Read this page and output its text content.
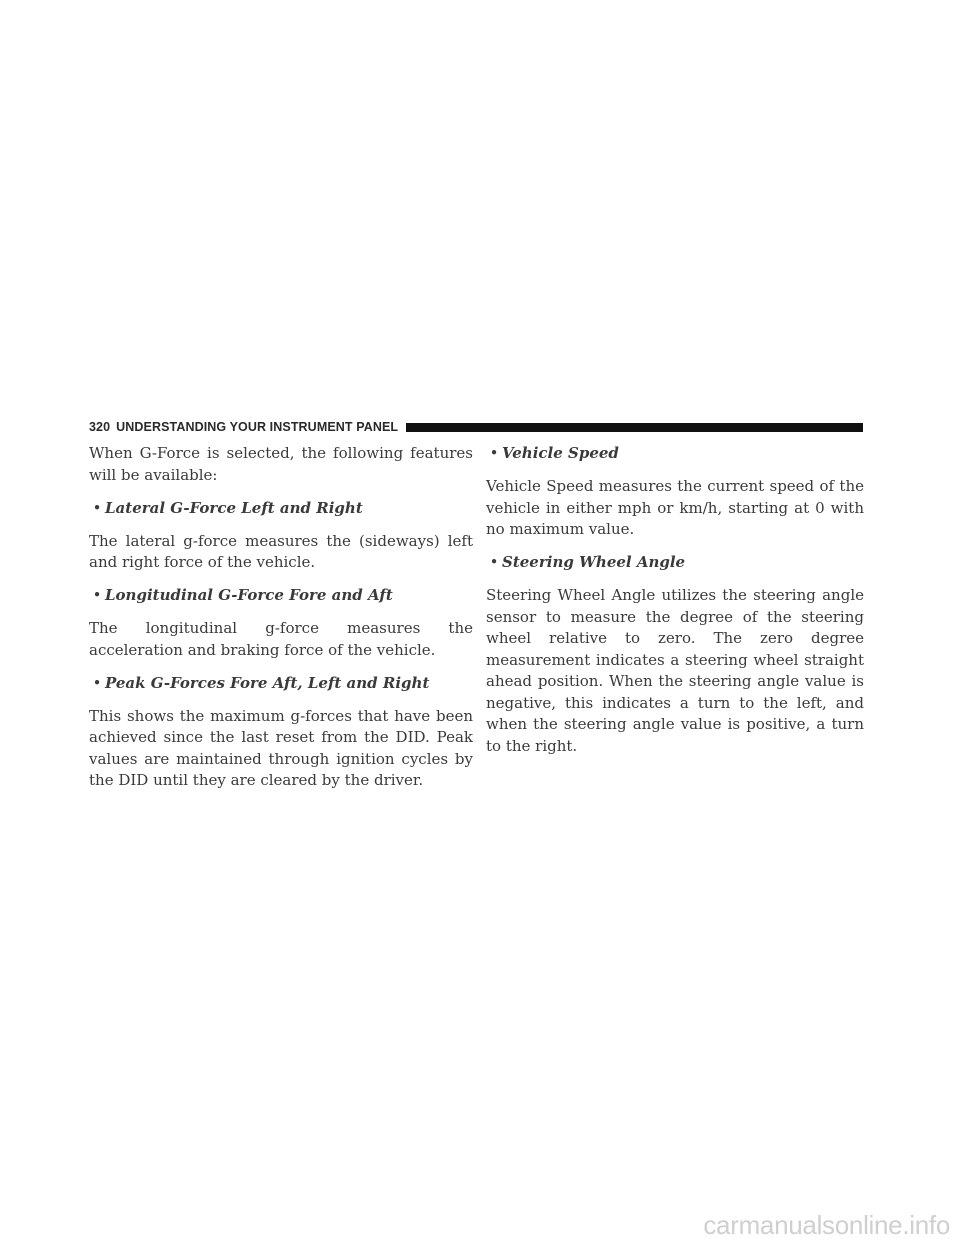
320 UNDERSTANDING YOUR INSTRUMENT PANEL

When G-Force is selected, the following features will be available:

• Lateral G-Force Left and Right

The lateral g-force measures the (sideways) left and right force of the vehicle.

• Longitudinal G-Force Fore and Aft

The longitudinal g-force measures the acceleration and braking force of the vehicle.

• Peak G-Forces Fore Aft, Left and Right

This shows the maximum g-forces that have been achieved since the last reset from the DID. Peak values are maintained through ignition cycles by the DID until they are cleared by the driver.

• Vehicle Speed

Vehicle Speed measures the current speed of the vehicle in either mph or km/h, starting at 0 with no maximum value.

• Steering Wheel Angle

Steering Wheel Angle utilizes the steering angle sensor to measure the degree of the steering wheel relative to zero. The zero degree measurement indicates a steering wheel straight ahead position. When the steering angle value is negative, this indicates a turn to the left, and when the steering angle value is positive, a turn to the right.

carmanualsonline.info
